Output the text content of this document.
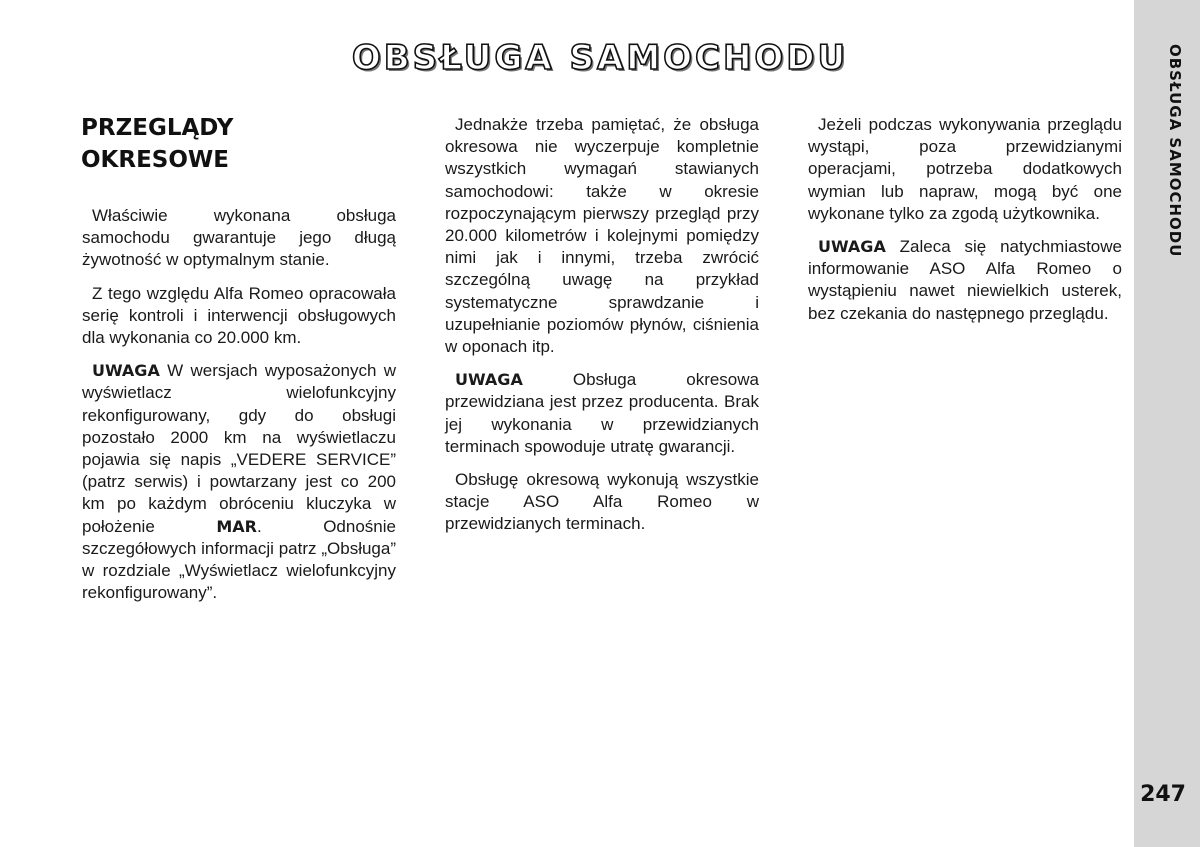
OBSŁUGA SAMOCHODU	OBSŁUGA SAMOCHODU
247
PRZEGLĄDY
OKRESOWE

Właściwie wykonana obsługa samochodu gwarantuje jego długą żywotność w optymalnym stanie.

Z tego względu Alfa Romeo opracowała serię kontroli i interwencji obsługowych dla wykonania co 20.000 km.

UWAGA W wersjach wyposażonych w wyświetlacz wielofunkcyjny rekonfigurowany, gdy do obsługi pozostało 2000 km na wyświetlaczu pojawia się napis „VEDERE SERVICE” (patrz serwis) i powtarzany jest co 200 km po każdym obróceniu kluczyka w położenie MAR. Odnośnie szczegółowych informacji patrz „Obsługa” w rozdziale „Wyświetlacz wielofunkcyjny rekonfigurowany”.

Jednakże trzeba pamiętać, że obsługa okresowa nie wyczerpuje kompletnie wszystkich wymagań stawianych samochodowi: także w okresie rozpoczynającym pierwszy przegląd przy 20.000 kilometrów i kolejnymi pomiędzy nimi jak i innymi, trzeba zwrócić szczególną uwagę na przykład systematyczne sprawdzanie i uzupełnianie poziomów płynów, ciśnienia w oponach itp.

UWAGA Obsługa okresowa przewidziana jest przez producenta. Brak jej wykonania w przewidzianych terminach spowoduje utratę gwarancji.

Obsługę okresową wykonują wszystkie stacje ASO Alfa Romeo w przewidzianych terminach.

Jeżeli podczas wykonywania przeglądu wystąpi, poza przewidzianymi operacjami, potrzeba dodatkowych wymian lub napraw, mogą być one wykonane tylko za zgodą użytkownika.

UWAGA Zaleca się natychmiastowe informowanie ASO Alfa Romeo o wystąpieniu nawet niewielkich usterek, bez czekania do następnego przeglądu.
